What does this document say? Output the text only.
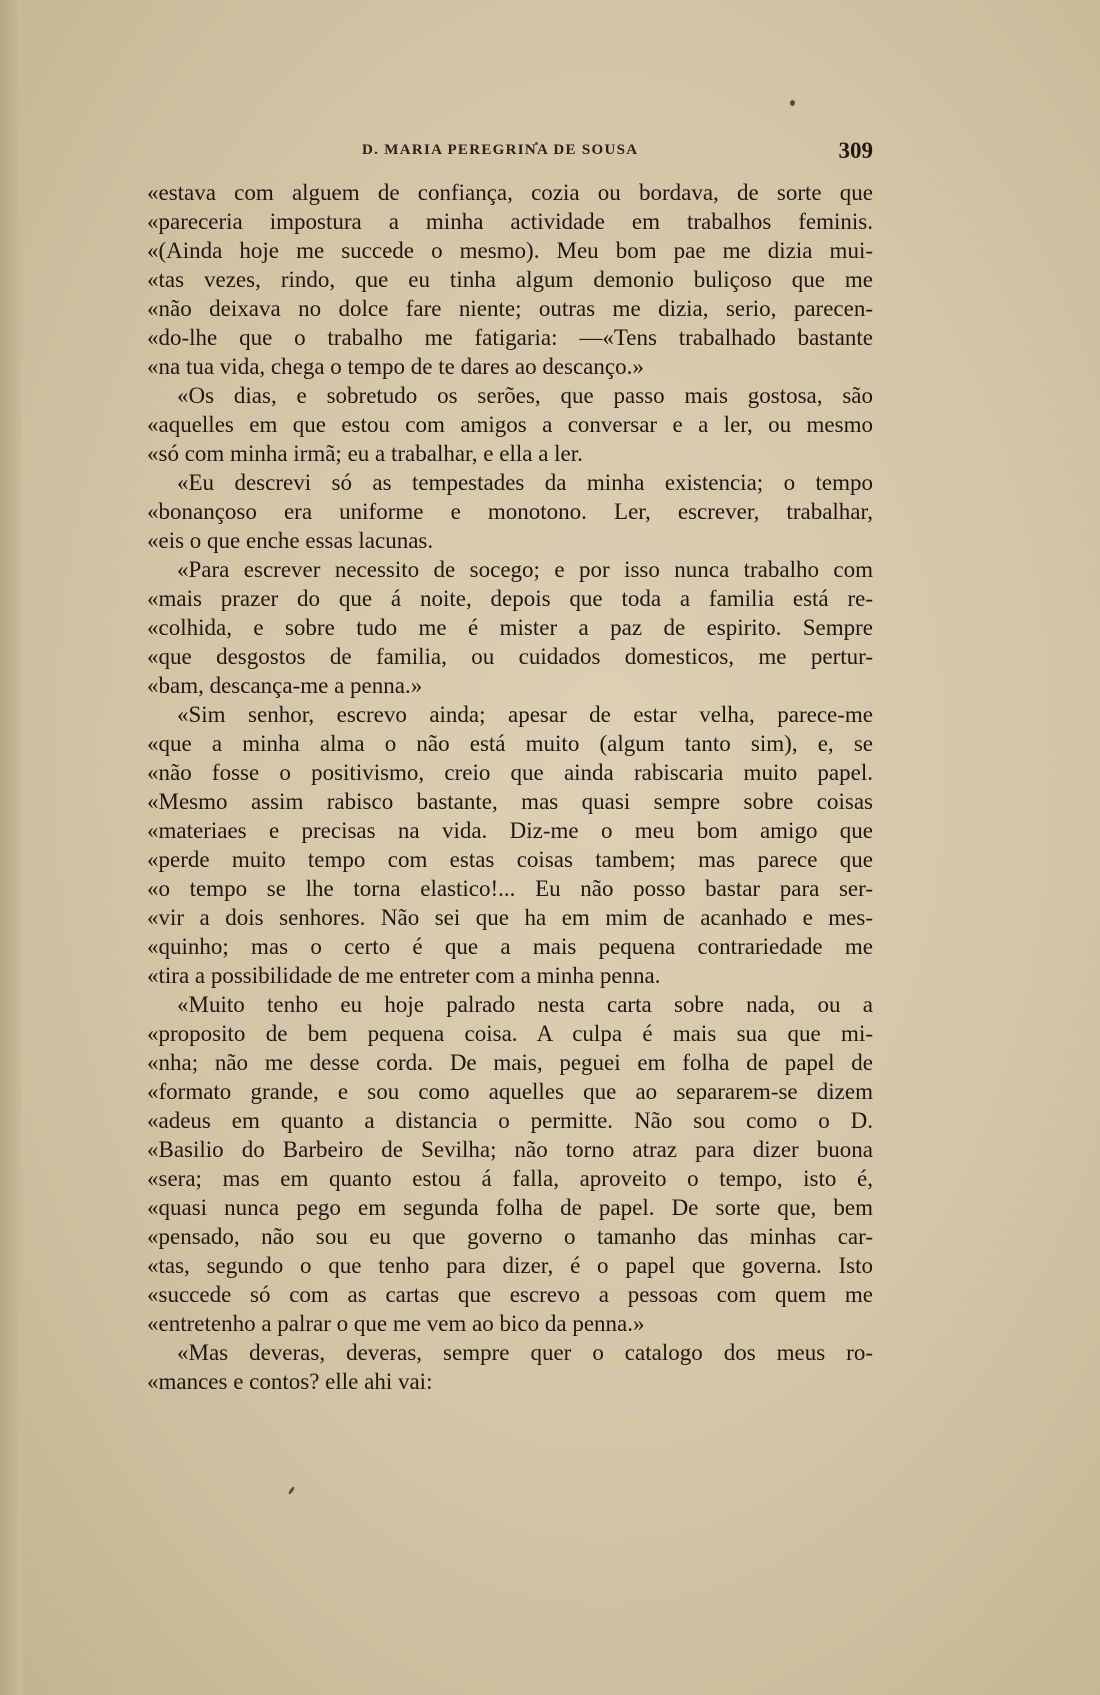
D. MARIA PEREGRINA DE SOUSA	309
«estava com alguem de confiança, cozia ou bordava, de sorte que
«pareceria impostura a minha actividade em trabalhos feminis.
«(Ainda hoje me succede o mesmo). Meu bom pae me dizia mui-
«tas vezes, rindo, que eu tinha algum demonio buliçoso que me
«não deixava no dolce fare niente; outras me dizia, serio, parecen-
«do-lhe que o trabalho me fatigaria: —«Tens trabalhado bastante
«na tua vida, chega o tempo de te dares ao descanço.»
«Os dias, e sobretudo os serões, que passo mais gostosa, são
«aquelles em que estou com amigos a conversar e a ler, ou mesmo
«só com minha irmã; eu a trabalhar, e ella a ler.
«Eu descrevi só as tempestades da minha existencia; o tempo
«bonançoso era uniforme e monotono. Ler, escrever, trabalhar,
«eis o que enche essas lacunas.
«Para escrever necessito de socego; e por isso nunca trabalho com
«mais prazer do que á noite, depois que toda a familia está re-
«colhida, e sobre tudo me é mister a paz de espirito. Sempre
«que desgostos de familia, ou cuidados domesticos, me pertur-
«bam, descança-me a penna.»
«Sim senhor, escrevo ainda; apesar de estar velha, parece-me
«que a minha alma o não está muito (algum tanto sim), e, se
«não fosse o positivismo, creio que ainda rabiscaria muito papel.
«Mesmo assim rabisco bastante, mas quasi sempre sobre coisas
«materiaes e precisas na vida. Diz-me o meu bom amigo que
«perde muito tempo com estas coisas tambem; mas parece que
«o tempo se lhe torna elastico!... Eu não posso bastar para ser-
«vir a dois senhores. Não sei que ha em mim de acanhado e mes-
«quinho; mas o certo é que a mais pequena contrariedade me
«tira a possibilidade de me entreter com a minha penna.
«Muito tenho eu hoje palrado nesta carta sobre nada, ou a
«proposito de bem pequena coisa. A culpa é mais sua que mi-
«nha; não me desse corda. De mais, peguei em folha de papel de
«formato grande, e sou como aquelles que ao separarem-se dizem
«adeus em quanto a distancia o permitte. Não sou como o D.
«Basilio do Barbeiro de Sevilha; não torno atraz para dizer buona
«sera; mas em quanto estou á falla, aproveito o tempo, isto é,
«quasi nunca pego em segunda folha de papel. De sorte que, bem
«pensado, não sou eu que governo o tamanho das minhas car-
«tas, segundo o que tenho para dizer, é o papel que governa. Isto
«succede só com as cartas que escrevo a pessoas com quem me
«entretenho a palrar o que me vem ao bico da penna.»
«Mas deveras, deveras, sempre quer o catalogo dos meus ro-
«mances e contos? elle ahi vai:
